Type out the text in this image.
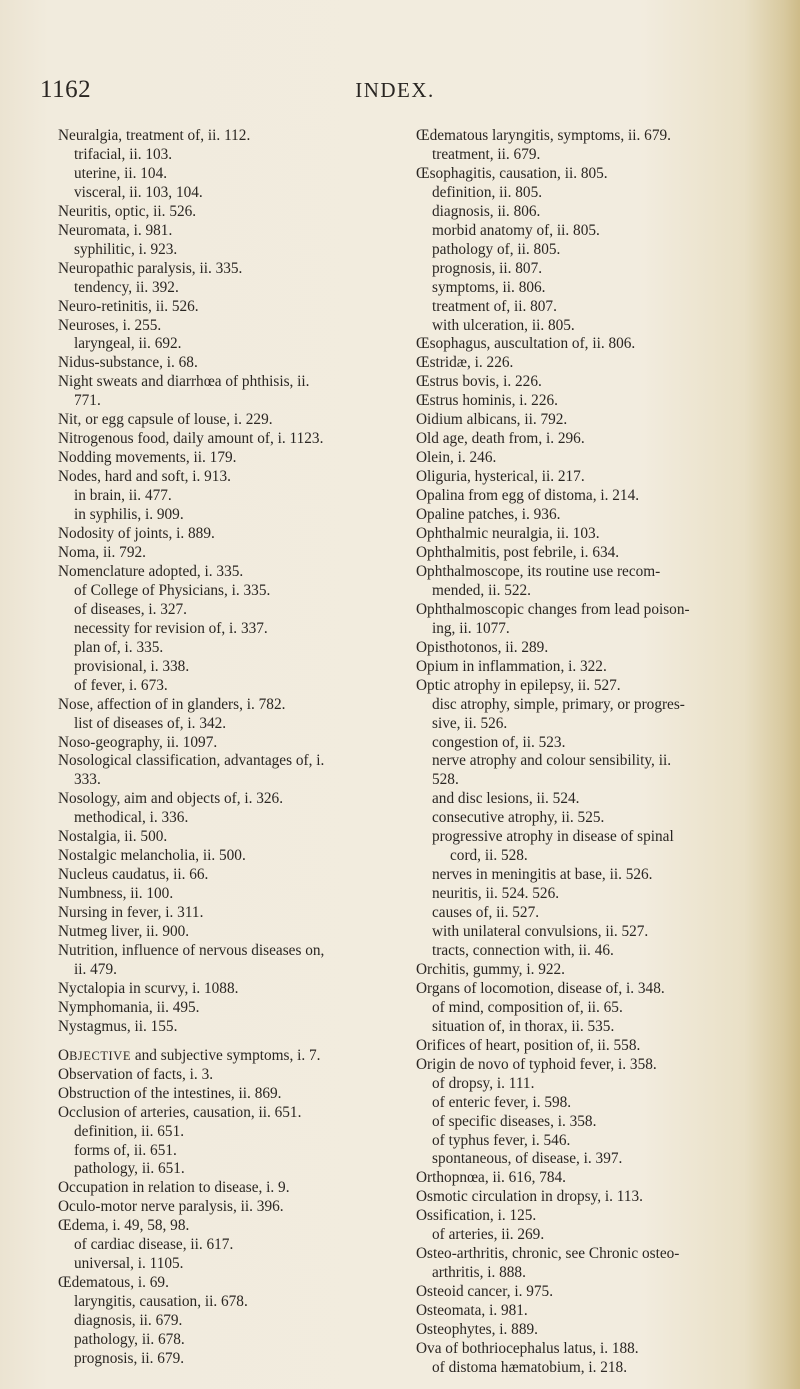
1162	INDEX.
Neuralgia, treatment of, ii. 112.
trifacial, ii. 103.
uterine, ii. 104.
visceral, ii. 103, 104.
Neuritis, optic, ii. 526.
Neuromata, i. 981.
syphilitic, i. 923.
Neuropathic paralysis, ii. 335.
tendency, ii. 392.
Neuro-retinitis, ii. 526.
Neuroses, i. 255.
laryngeal, ii. 692.
Nidus-substance, i. 68.
Night sweats and diarrhœa of phthisis, ii.
771.
Nit, or egg capsule of louse, i. 229.
Nitrogenous food, daily amount of, i. 1123.
Nodding movements, ii. 179.
Nodes, hard and soft, i. 913.
in brain, ii. 477.
in syphilis, i. 909.
Nodosity of joints, i. 889.
Noma, ii. 792.
Nomenclature adopted, i. 335.
of College of Physicians, i. 335.
of diseases, i. 327.
necessity for revision of, i. 337.
plan of, i. 335.
provisional, i. 338.
of fever, i. 673.
Nose, affection of in glanders, i. 782.
list of diseases of, i. 342.
Noso-geography, ii. 1097.
Nosological classification, advantages of, i.
333.
Nosology, aim and objects of, i. 326.
methodical, i. 336.
Nostalgia, ii. 500.
Nostalgic melancholia, ii. 500.
Nucleus caudatus, ii. 66.
Numbness, ii. 100.
Nursing in fever, i. 311.
Nutmeg liver, ii. 900.
Nutrition, influence of nervous diseases on,
ii. 479.
Nyctalopia in scurvy, i. 1088.
Nymphomania, ii. 495.
Nystagmus, ii. 155.
OBJECTIVE and subjective symptoms, i. 7.
Observation of facts, i. 3.
Obstruction of the intestines, ii. 869.
Occlusion of arteries, causation, ii. 651.
definition, ii. 651.
forms of, ii. 651.
pathology, ii. 651.
Occupation in relation to disease, i. 9.
Oculo-motor nerve paralysis, ii. 396.
Œdema, i. 49, 58, 98.
of cardiac disease, ii. 617.
universal, i. 1105.
Œdematous, i. 69.
laryngitis, causation, ii. 678.
diagnosis, ii. 679.
pathology, ii. 678.
prognosis, ii. 679.
Œdematous laryngitis, symptoms, ii. 679.
treatment, ii. 679.
Œsophagitis, causation, ii. 805.
definition, ii. 805.
diagnosis, ii. 806.
morbid anatomy of, ii. 805.
pathology of, ii. 805.
prognosis, ii. 807.
symptoms, ii. 806.
treatment of, ii. 807.
with ulceration, ii. 805.
Œsophagus, auscultation of, ii. 806.
Œstridæ, i. 226.
Œstrus bovis, i. 226.
Œstrus hominis, i. 226.
Oidium albicans, ii. 792.
Old age, death from, i. 296.
Olein, i. 246.
Oliguria, hysterical, ii. 217.
Opalina from egg of distoma, i. 214.
Opaline patches, i. 936.
Ophthalmic neuralgia, ii. 103.
Ophthalmitis, post febrile, i. 634.
Ophthalmoscope, its routine use recom-
mended, ii. 522.
Ophthalmoscopic changes from lead poison-
ing, ii. 1077.
Opisthotonos, ii. 289.
Opium in inflammation, i. 322.
Optic atrophy in epilepsy, ii. 527.
disc atrophy, simple, primary, or progres-
sive, ii. 526.
congestion of, ii. 523.
nerve atrophy and colour sensibility, ii.
528.
and disc lesions, ii. 524.
consecutive atrophy, ii. 525.
progressive atrophy in disease of spinal
cord, ii. 528.
nerves in meningitis at base, ii. 526.
neuritis, ii. 524. 526.
causes of, ii. 527.
with unilateral convulsions, ii. 527.
tracts, connection with, ii. 46.
Orchitis, gummy, i. 922.
Organs of locomotion, disease of, i. 348.
of mind, composition of, ii. 65.
situation of, in thorax, ii. 535.
Orifices of heart, position of, ii. 558.
Origin de novo of typhoid fever, i. 358.
of dropsy, i. 111.
of enteric fever, i. 598.
of specific diseases, i. 358.
of typhus fever, i. 546.
spontaneous, of disease, i. 397.
Orthopnœa, ii. 616, 784.
Osmotic circulation in dropsy, i. 113.
Ossification, i. 125.
of arteries, ii. 269.
Osteo-arthritis, chronic, see Chronic osteo-
arthritis, i. 888.
Osteoid cancer, i. 975.
Osteomata, i. 981.
Osteophytes, i. 889.
Ova of bothriocephalus latus, i. 188.
of distoma hæmatobium, i. 218.
